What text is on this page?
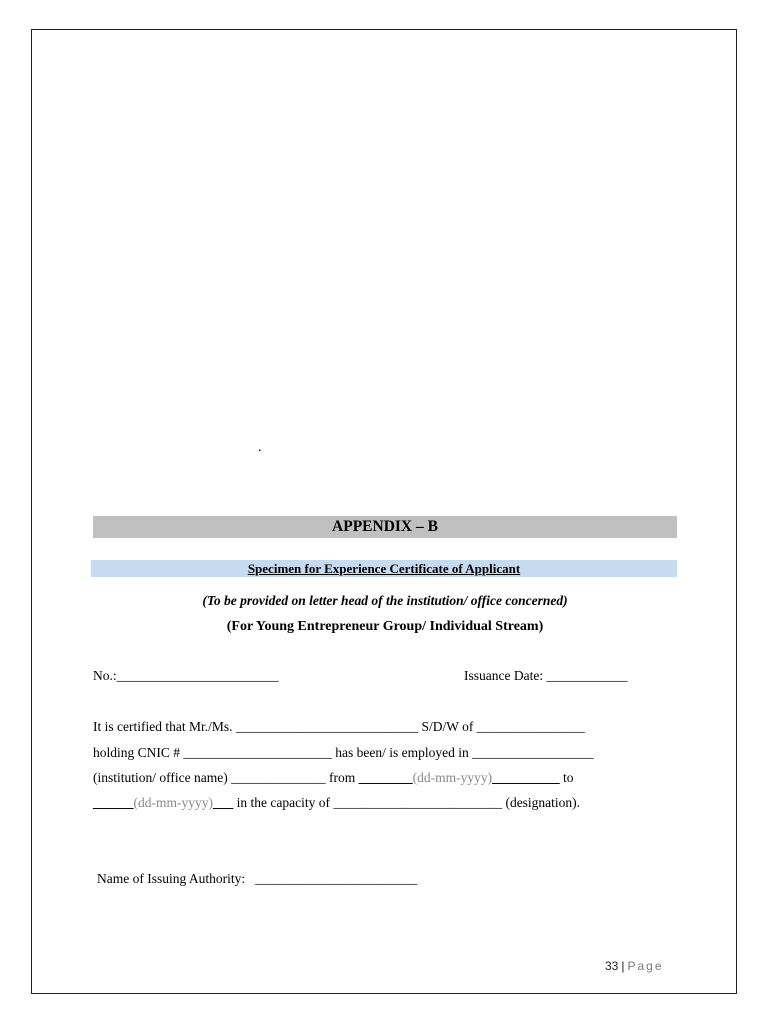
.
APPENDIX – B
Specimen for Experience Certificate of Applicant
(To be provided on letter head of the institution/ office concerned)
(For Young Entrepreneur Group/ Individual Stream)
No.:________________________	Issuance Date: ____________
It is certified that Mr./Ms. ___________________________ S/D/W of ________________
holding CNIC # ______________________ has been/ is employed in __________________
(institution/ office name) ______________ from ________(dd-mm-yyyy)__________ to
______(dd-mm-yyyy)___ in the capacity of _________________________ (designation).
Name of Issuing Authority:   ________________________
33 | Page
